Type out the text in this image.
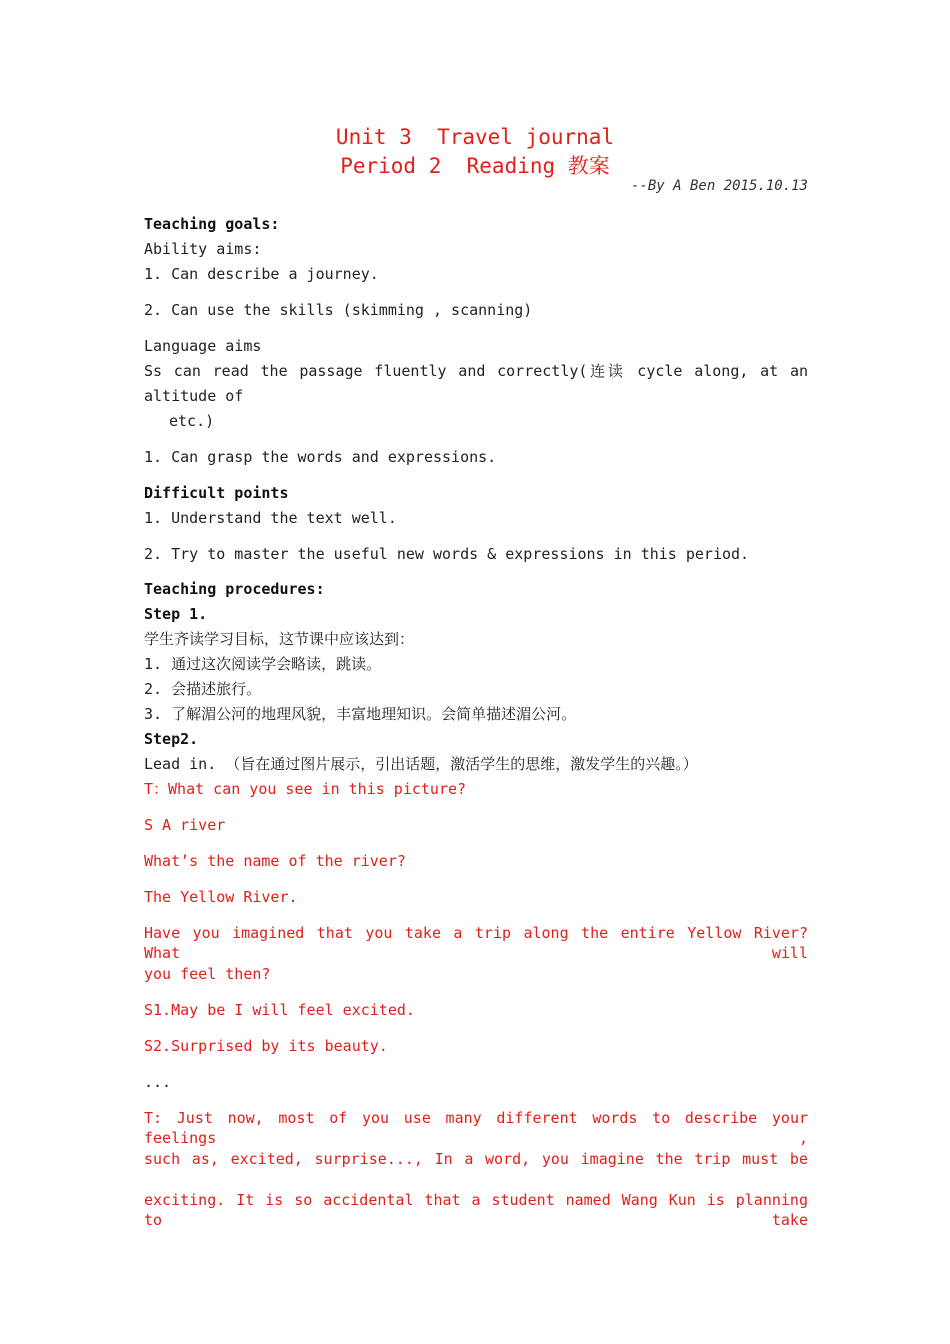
Unit 3  Travel journal
Period 2  Reading 教案
--By A Ben 2015.10.13
Teaching goals:
Ability aims:
1. Can describe a journey.
2. Can use the skills (skimming , scanning)
Language aims
Ss can read the passage fluently and correctly(连读 cycle along, at an
altitude of
etc.)
1. Can grasp the words and expressions.
Difficult points
1. Understand the text well.
2. Try to master the useful new words & expressions in this period.
Teaching procedures:
Step 1.
学生齐读学习目标，这节课中应该达到：
1. 通过这次阅读学会略读，跳读。
2. 会描述旅行。
3. 了解湄公河的地理风貌，丰富地理知识。会简单描述湄公河。
Step2.
Lead in. （旨在通过图片展示，引出话题，激活学生的思维，激发学生的兴趣。）
T：What can you see in this picture?
S A river
What’s the name of the river?
The Yellow River.
Have you imagined that you take a trip along the entire Yellow River? What will
you feel then?
S1.May be I will feel excited.
S2.Surprised by its beauty.
...
T: Just now, most of you use many different words to describe your feelings ,
such as, excited, surprise..., In a word, you imagine the trip must be
exciting. It is so accidental that a student named Wang Kun is planning to take
